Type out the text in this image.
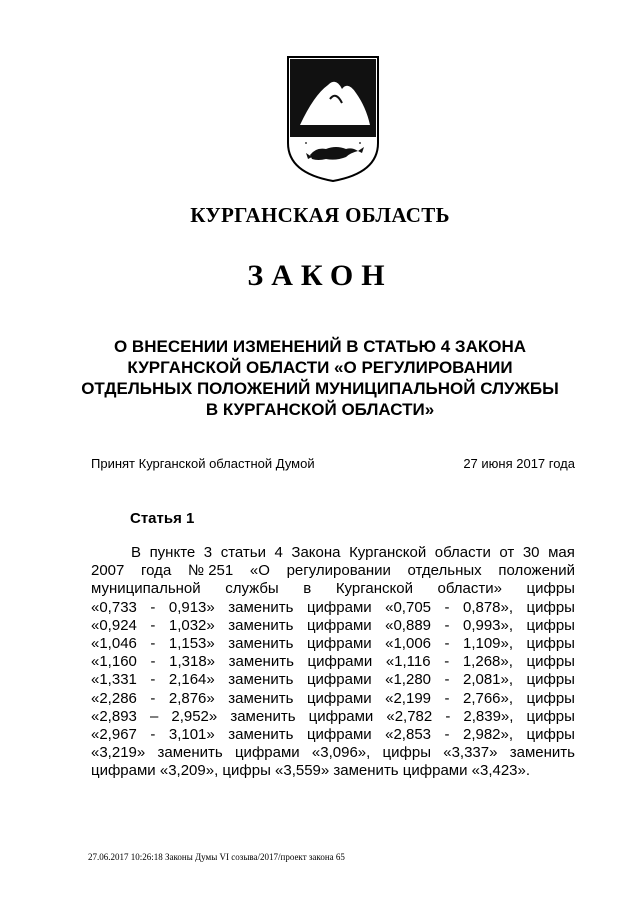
КУРГАНСКАЯ ОБЛАСТЬ
ЗАКОН
О ВНЕСЕНИИ ИЗМЕНЕНИЙ В СТАТЬЮ 4 ЗАКОНА
КУРГАНСКОЙ ОБЛАСТИ «О РЕГУЛИРОВАНИИ
ОТДЕЛЬНЫХ ПОЛОЖЕНИЙ МУНИЦИПАЛЬНОЙ СЛУЖБЫ
В КУРГАНСКОЙ ОБЛАСТИ»
Принят Курганской областной Думой	27 июня 2017 года
Статья 1
В пункте 3 статьи 4 Закона Курганской области от 30 мая
2007 года № 251 «О регулировании отдельных положений
муниципальной службы в Курганской области» цифры
«0,733 - 0,913» заменить цифрами «0,705 - 0,878», цифры
«0,924 - 1,032» заменить цифрами «0,889 - 0,993», цифры
«1,046 - 1,153» заменить цифрами «1,006 - 1,109», цифры
«1,160 - 1,318» заменить цифрами «1,116 - 1,268», цифры
«1,331 - 2,164» заменить цифрами «1,280 - 2,081», цифры
«2,286 - 2,876» заменить цифрами «2,199 - 2,766», цифры
«2,893 – 2,952» заменить цифрами «2,782 - 2,839», цифры
«2,967 - 3,101» заменить цифрами «2,853 - 2,982», цифры
«3,219» заменить цифрами «3,096», цифры «3,337» заменить
цифрами «3,209», цифры «3,559» заменить цифрами «3,423».
27.06.2017 10:26:18 Законы Думы VI созыва/2017/проект закона 65
